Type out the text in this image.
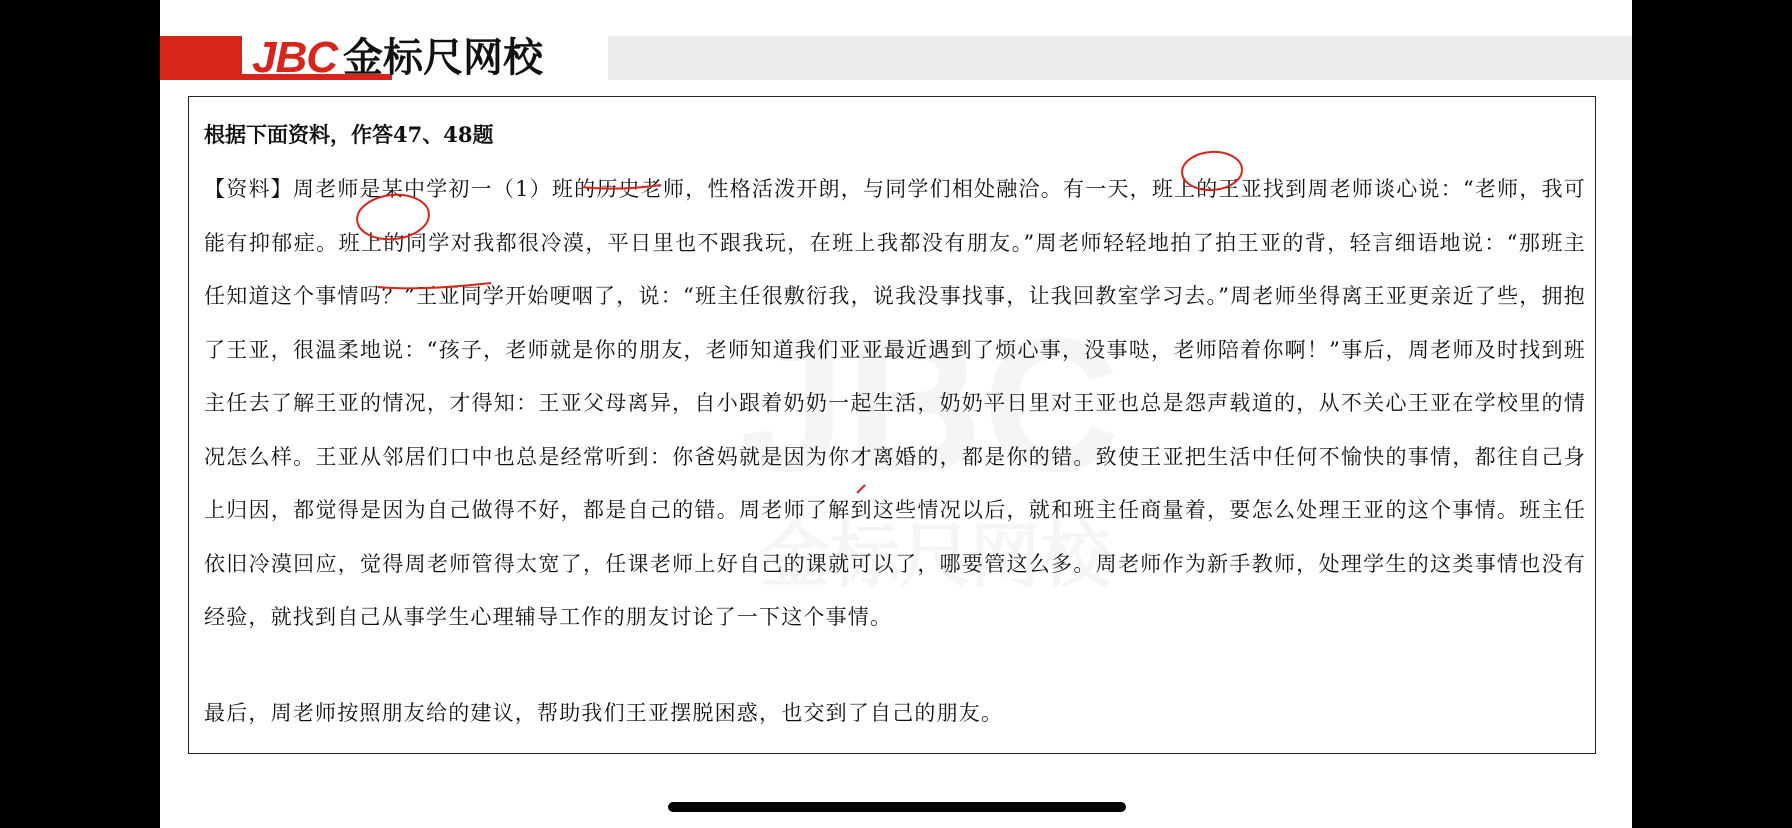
JBC 金标尺网校
JBC
金标尺网校
根据下面资料，作答47、48题
【资料】周老师是某中学初一（1）班的历史老师，性格活泼开朗，与同学们相处融洽。有一天，班上的王亚找到周老师谈心说：“老师，我可能有抑郁症。班上的同学对我都很冷漠，平日里也不跟我玩，在班上我都没有朋友。”周老师轻轻地拍了拍王亚的背，轻言细语地说：“那班主任知道这个事情吗？”王亚同学开始哽咽了，说：“班主任很敷衍我，说我没事找事，让我回教室学习去。”周老师坐得离王亚更亲近了些，拥抱了王亚，很温柔地说：“孩子，老师就是你的朋友，老师知道我们亚亚最近遇到了烦心事，没事哒，老师陪着你啊！”事后，周老师及时找到班主任去了解王亚的情况，才得知：王亚父母离异，自小跟着奶奶一起生活，奶奶平日里对王亚也总是怨声载道的，从不关心王亚在学校里的情况怎么样。王亚从邻居们口中也总是经常听到：你爸妈就是因为你才离婚的，都是你的错。致使王亚把生活中任何不愉快的事情，都往自己身上归因，都觉得是因为自己做得不好，都是自己的错。周老师了解到这些情况以后，就和班主任商量着，要怎么处理王亚的这个事情。班主任依旧冷漠回应，觉得周老师管得太宽了，任课老师上好自己的课就可以了，哪要管这么多。周老师作为新手教师，处理学生的这类事情也没有经验，就找到自己从事学生心理辅导工作的朋友讨论了一下这个事情。
最后，周老师按照朋友给的建议，帮助我们王亚摆脱困惑，也交到了自己的朋友。
